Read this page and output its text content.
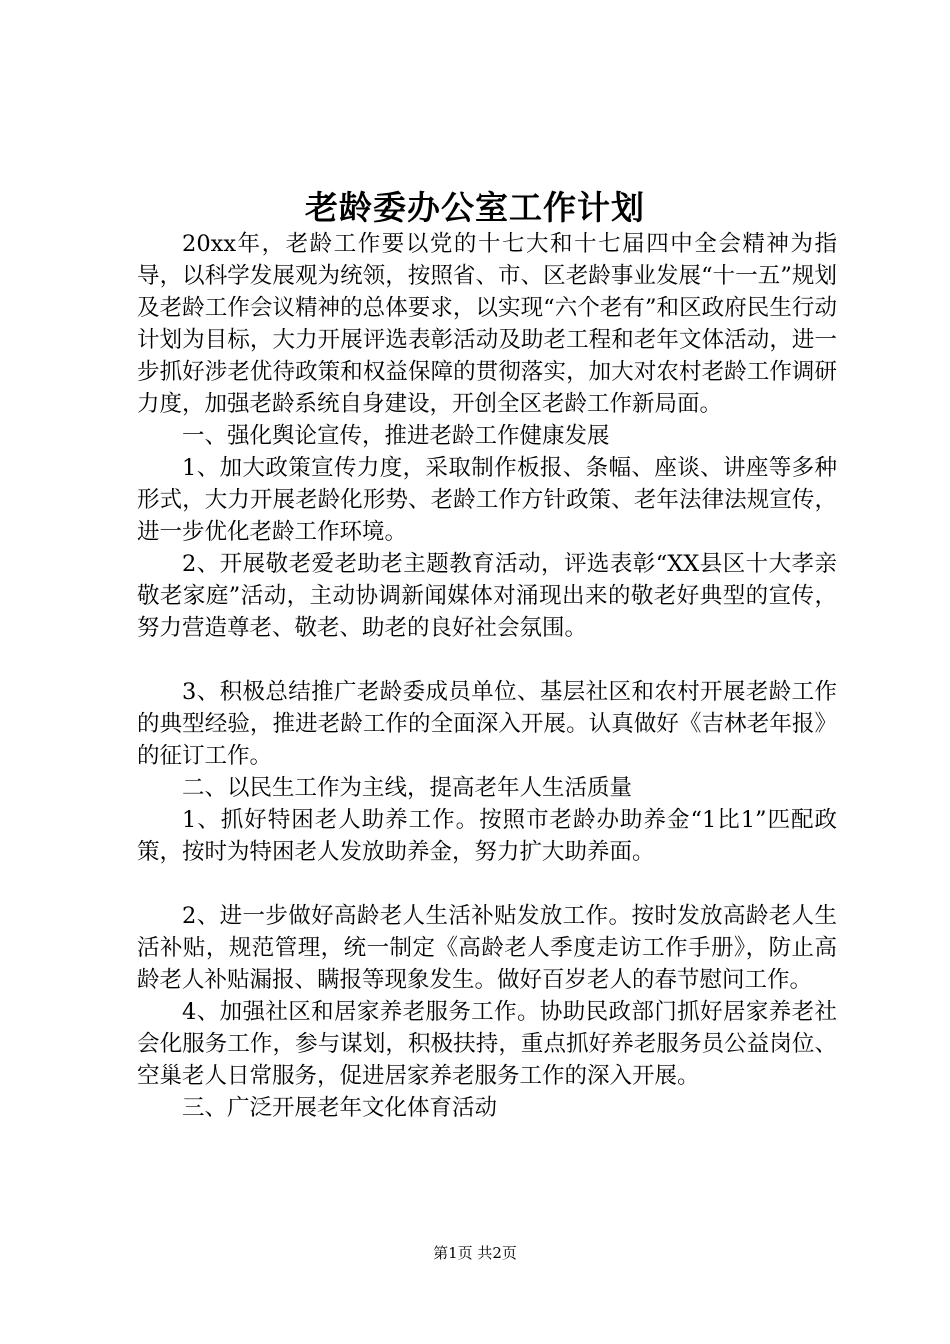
老龄委办公室工作计划

20xx年，老龄工作要以党的十七大和十七届四中全会精神为指导，以科学发展观为统领，按照省、市、区老龄事业发展“十一五”规划及老龄工作会议精神的总体要求，以实现“六个老有”和区政府民生行动计划为目标，大力开展评选表彰活动及助老工程和老年文体活动，进一步抓好涉老优待政策和权益保障的贯彻落实，加大对农村老龄工作调研力度，加强老龄系统自身建设，开创全区老龄工作新局面。

一、强化舆论宣传，推进老龄工作健康发展

1、加大政策宣传力度，采取制作板报、条幅、座谈、讲座等多种形式，大力开展老龄化形势、老龄工作方针政策、老年法律法规宣传，进一步优化老龄工作环境。

2、开展敬老爱老助老主题教育活动，评选表彰“XX县区十大孝亲敬老家庭”活动，主动协调新闻媒体对涌现出来的敬老好典型的宣传，努力营造尊老、敬老、助老的良好社会氛围。

3、积极总结推广老龄委成员单位、基层社区和农村开展老龄工作的典型经验，推进老龄工作的全面深入开展。认真做好《吉林老年报》的征订工作。

二、以民生工作为主线，提高老年人生活质量

1、抓好特困老人助养工作。按照市老龄办助养金“1比1”匹配政策，按时为特困老人发放助养金，努力扩大助养面。

2、进一步做好高龄老人生活补贴发放工作。按时发放高龄老人生活补贴，规范管理，统一制定《高龄老人季度走访工作手册》，防止高龄老人补贴漏报、瞒报等现象发生。做好百岁老人的春节慰问工作。

4、加强社区和居家养老服务工作。协助民政部门抓好居家养老社会化服务工作，参与谋划，积极扶持，重点抓好养老服务员公益岗位、空巢老人日常服务，促进居家养老服务工作的深入开展。

三、广泛开展老年文化体育活动

第1页 共2页
